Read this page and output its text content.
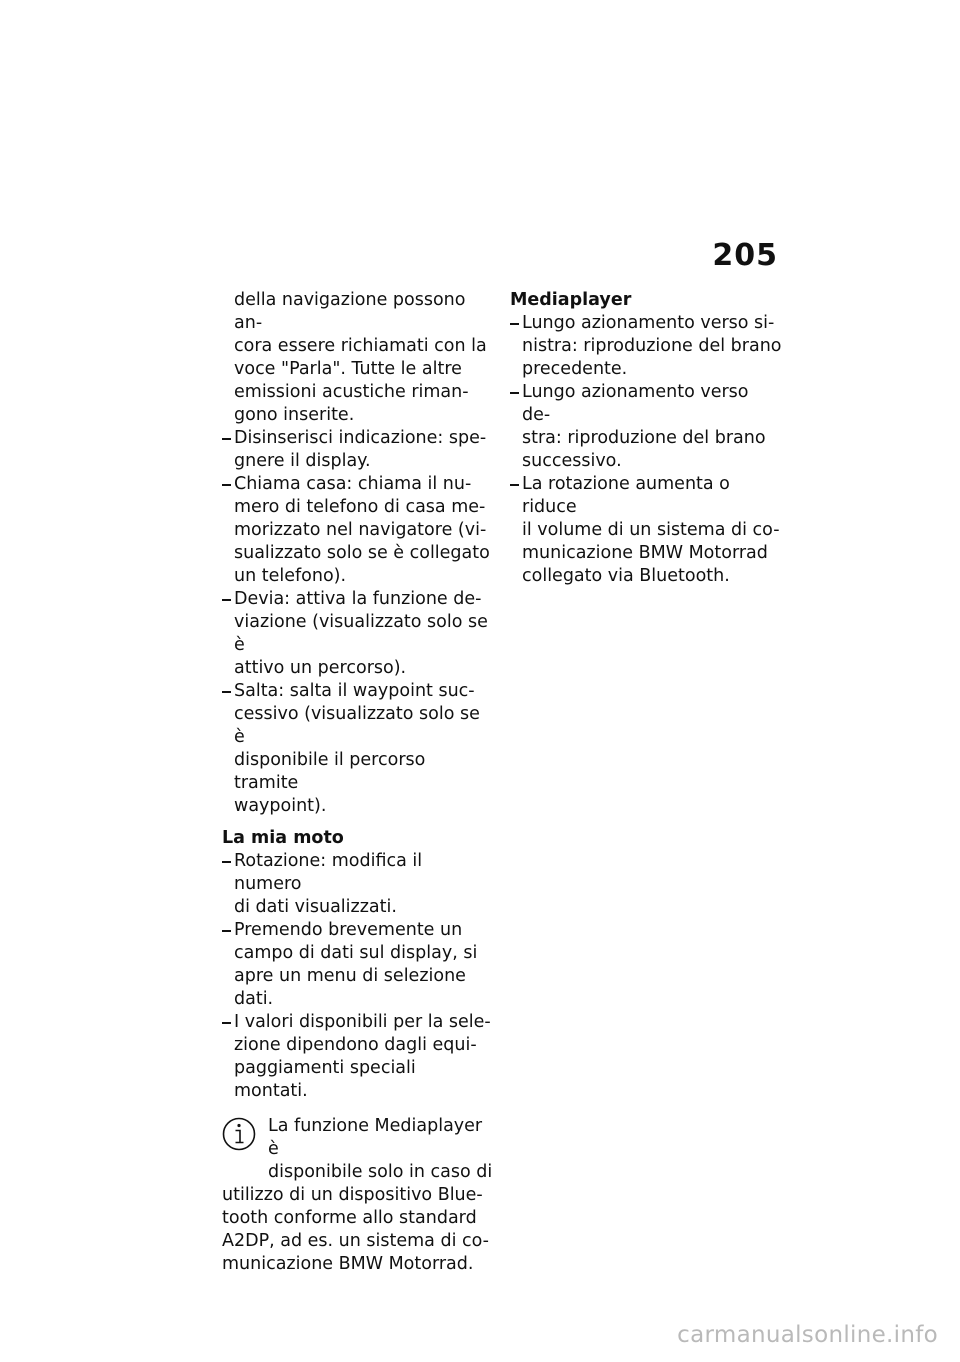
205
della navigazione possono an-
cora essere richiamati con la
voce "Parla". Tutte le altre
emissioni acustiche riman-
gono inserite.
Disinserisci indicazione: spe-
gnere il display.
Chiama casa: chiama il nu-
mero di telefono di casa me-
morizzato nel navigatore (vi-
sualizzato solo se è collegato
un telefono).
Devia: attiva la funzione de-
viazione (visualizzato solo se è
attivo un percorso).
Salta: salta il waypoint suc-
cessivo (visualizzato solo se è
disponibile il percorso tramite
waypoint).

La mia moto

Rotazione: modifica il numero
di dati visualizzati.
Premendo brevemente un
campo di dati sul display, si
apre un menu di selezione
dati.
I valori disponibili per la sele-
zione dipendono dagli equi-
paggiamenti speciali montati.
La funzione Mediaplayer è
disponibile solo in caso di
utilizzo di un dispositivo Blue-
tooth conforme allo standard
A2DP, ad es. un sistema di co-
municazione BMW Motorrad.

Mediaplayer

Lungo azionamento verso si-
nistra: riproduzione del brano
precedente.
Lungo azionamento verso de-
stra: riproduzione del brano
successivo.
La rotazione aumenta o riduce
il volume di un sistema di co-
municazione BMW Motorrad
collegato via Bluetooth.
carmanualsonline.info
